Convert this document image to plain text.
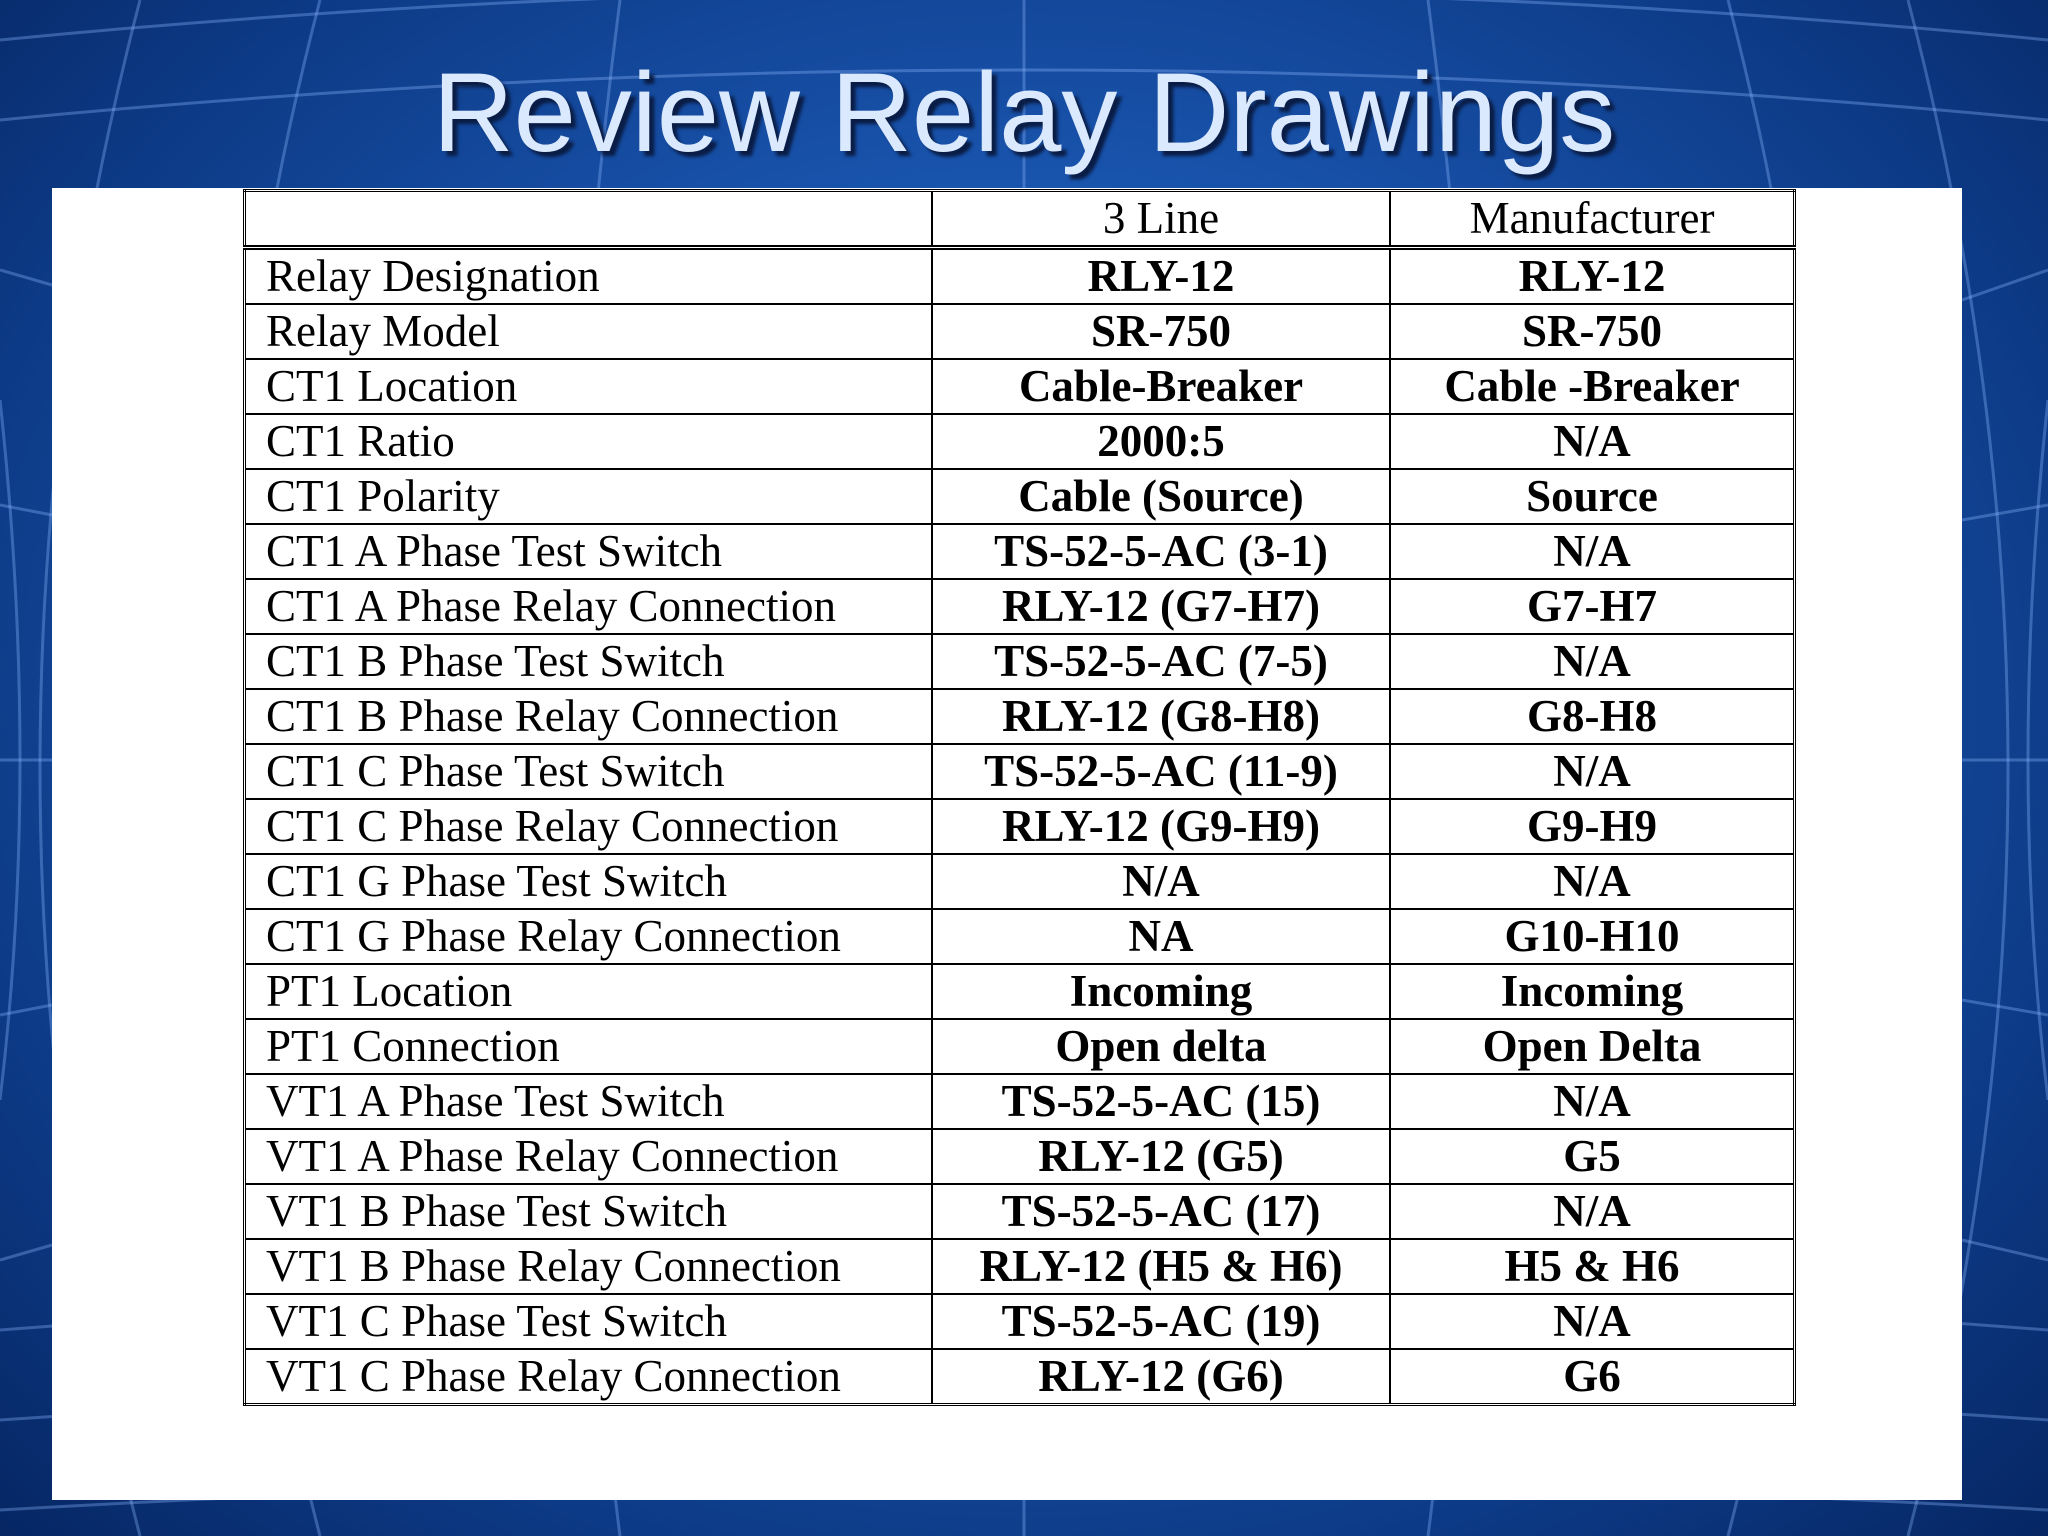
Review Relay Drawings
	3 Line	Manufacturer
Relay Designation	RLY-12	RLY-12
Relay Model	SR-750	SR-750
CT1 Location	Cable-Breaker	Cable -Breaker
CT1 Ratio	2000:5	N/A
CT1 Polarity	Cable (Source)	Source
CT1 A Phase Test Switch	TS-52-5-AC (3-1)	N/A
CT1 A Phase Relay Connection	RLY-12 (G7-H7)	G7-H7
CT1 B Phase Test Switch	TS-52-5-AC (7-5)	N/A
CT1 B Phase Relay Connection	RLY-12 (G8-H8)	G8-H8
CT1 C Phase Test Switch	TS-52-5-AC (11-9)	N/A
CT1 C Phase Relay Connection	RLY-12 (G9-H9)	G9-H9
CT1 G Phase Test Switch	N/A	N/A
CT1 G Phase Relay Connection	NA	G10-H10
PT1 Location	Incoming	Incoming
PT1 Connection	Open delta	Open Delta
VT1 A Phase Test Switch	TS-52-5-AC (15)	N/A
VT1 A Phase Relay Connection	RLY-12 (G5)	G5
VT1 B Phase Test Switch	TS-52-5-AC (17)	N/A
VT1 B Phase Relay Connection	RLY-12 (H5 & H6)	H5 & H6
VT1 C Phase Test Switch	TS-52-5-AC (19)	N/A
VT1 C Phase Relay Connection	RLY-12 (G6)	G6
